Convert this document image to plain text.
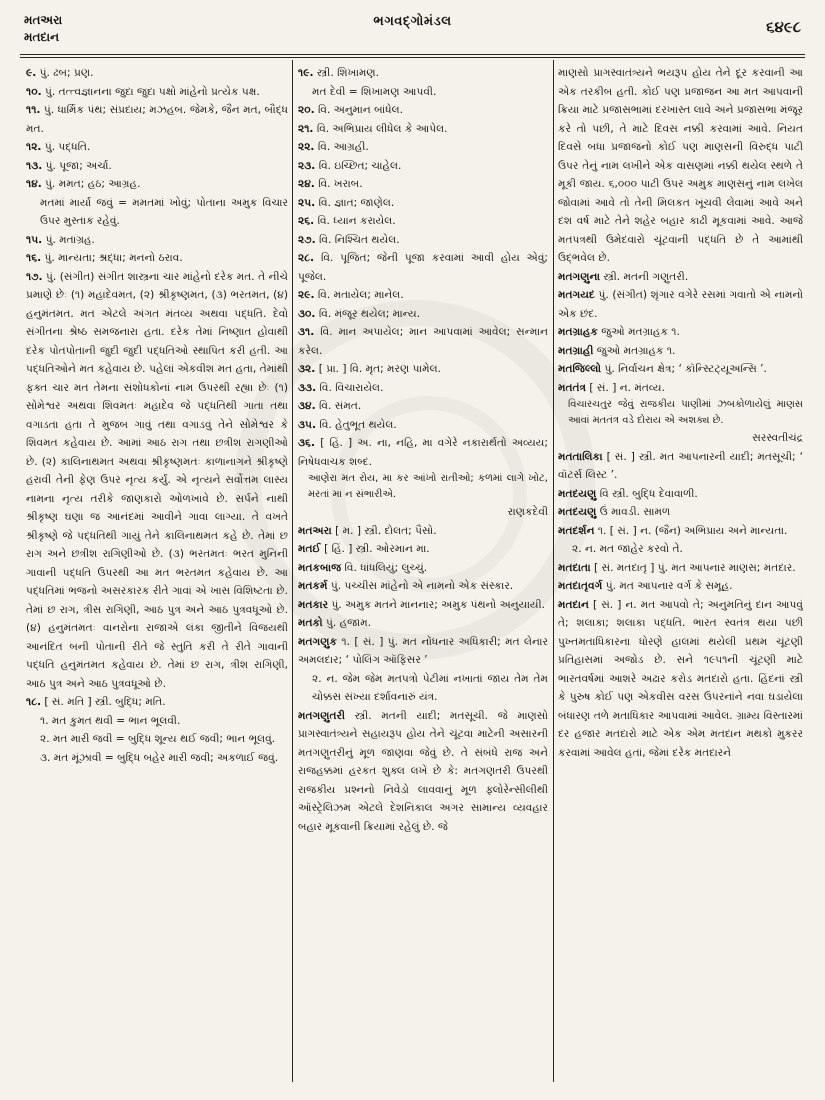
મતઅરા
મતદાન
ભગવદ્ગોમંડલ	૬૪૯૮

૯. પું. ઢબ; પ્રણ.

૧૦. પું. તત્ત્વજ્ઞાનના જુદા જુદા પક્ષો માંહેનો પ્રત્યેક પક્ષ.

૧૧. પું. ધાર્મિક પંથ; સંપ્રદાય; મઝહબ. જેમકે, જૈન મત, બૌદ્ધ મત.

૧૨. પું. પદ્ધતિ.

૧૩. પું. પૂજા; અર્ચા.

૧૪. પું. મમત; હઠ; આગ્રહ.

મતમાં માર્યા જવું = મમતમાં ખોવું; પોતાના અમુક વિચાર ઉપર મુસ્તાક રહેવું.

૧૫. પું. મતાગ્રહ.

૧૬. પું. માન્યતા; શ્રદ્ધા; મનનો ઠરાવ.

૧૭. પું. (સંગીત) સંગીત શાસ્ત્રના ચાર માંહેનો દરેક મત. તે નીચે પ્રમાણે છેઃ (૧) મહાદેવમત, (૨) શ્રીકૃષ્ણમત, (૩) ભરતમત, (૪) હનુમંતમત. મત એટલે અંગત મંતવ્ય અથવા પદ્ધતિ. દેવો સંગીતના શ્રેષ્ઠ સમજનારા હતા. દરેક તેમાં નિષ્ણાત હોવાથી દરેક પોતપોતાની જુદી જુદી પદ્ધતિઓ સ્થાપિત કરી હતી. આ પદ્ધતિઓને મત કહેવાય છે. પહેલાં એકવીશ મત હતા, તેમાંથી ફક્ત ચાર મત તેમના સંશોધકોનાં નામ ઉપરથી રહ્યા છેઃ (૧) સોમેશ્વર અથવા શિવમતઃ મહાદેવ જે પદ્ધતિથી ગાતા તથા વગાડતા હતા તે મુજબ ગાવું તથા વગાડવું તેને સોમેશ્વર કે શિવમત કહેવાય છે. આમાં આઠ રાગ તથા છત્રીશ રાગણીઓ છે. (૨) કાલિનાથમત અથવા શ્રીકૃષ્ણમતઃ કાળાનાગને શ્રીકૃષ્ણે હરાવી તેની ફેણ ઉપર નૃત્ય કર્યું. એ નૃત્યને સર્વોત્તમ લાસ્ય નામના નૃત્ય તરીકે જાણકારો ઓળખાવે છે. સર્પને નાથી શ્રીકૃષ્ણ ઘણા જ આનંદમાં આવીને ગાવા લાગ્યા. તે વખતે શ્રીકૃષ્ણે જે પદ્ધતિથી ગાયું તેને કાલિનાથમત કહે છે. તેમાં છ રાગ અને છત્રીશ રાગિણીઓ છે. (૩) ભરતમતઃ ભરત મુનિની ગાવાની પદ્ધતિ ઉપરથી આ મત ભરતમત કહેવાય છે. આ પદ્ધતિમાં ભજનો અસરકારક રીતે ગાવાં એ ખાસ વિશિષ્ટતા છે. તેમાં છ રાગ, ત્રીસ રાગિણી, આઠ પુત્ર અને આઠ પુત્રવધૂઓ છે. (૪) હનુમંતમતઃ વાનરોના રાજાએ લંકા જીતીને વિજયથી આનંદિત બની પોતાની રીતે જે સ્તુતિ કરી તે રીતે ગાવાની પદ્ધતિ હનુમંતમત કહેવાય છે. તેમાં છ રાગ, ત્રીશ રાગિણી, આઠ પુત્ર અને આઠ પુત્રવધૂઓ છે.

૧૮. [ સં. મતિ ] સ્ત્રી. બુદ્ધિ; મતિ.

૧. મત કુમત થવી = ભાન ભૂલવી.

૨. મત મારી જવી = બુદ્ધિ શૂન્ય થઈ જવી; ભાન ભૂલવું.

૩. મત મૂંઝાવી = બુદ્ધિ બહેર મારી જવી; અકળાઈ જવું.

૧૯. સ્ત્રી. શિખામણ.

મત દેવી = શિખામણ આપવી.

૨૦. વિ. અનુમાન બાંધેલ.

૨૧. વિ. અભિપ્રાય લીધેલ કે આપેલ.

૨૨. વિ. આગ્રહી.

૨૩. વિ. ઇચ્છિત; ચાહેલ.

૨૪. વિ. ખરાબ.

૨૫. વિ. જ્ઞાત; જાણેલ.

૨૬. વિ. ધ્યાન કરાયેલ.

૨૭. વિ. નિશ્ચિત થયેલ.

૨૮. વિ. પૂજિત; જેની પૂજા કરવામાં આવી હોય એવું; પૂજેલ.

૨૯. વિ. મતાયેલ; માનેલ.

૩૦. વિ. મંજૂર થયેલ; માન્ય.

૩૧. વિ. માન અપાયેલ; માન આપવામાં આવેલ; સન્માન કરેલ.

૩૨. [ પ્રા. ] વિ. મૃત; મરણ પામેલ.

૩૩. વિ. વિચારાયેલ.

૩૪. વિ. સંમત.

૩૫. વિ. હેતુભૂત થયેલ.

૩૬. [ હિં. ] અ. ના, નહિ, મા વગેરે નકારાર્થતો અવ્યય; નિષેધવાચક શબ્દ.

આણેરા મત રોય, મા કર આંખો રાતીઓ; કળમાં લાગે ખોટ, મરતાં મા ન સંભારીએ.

રાણકદેવી

મતઅરા [ મ. ] સ્ત્રી. દોલત; પૈસો.

મતઈ [ હિં. ] સ્ત્રી. ઓરમાન મા.

મતકબાજ વિ. ધાંધલિયું; લુચ્ચું.

મતકર્મ પું. પચ્ચીસ માંહેનો એ નામનો એક સંસ્કાર.

મતકાર પું. અમુક મતને માનનાર; અમુક પંથનો અનુયાયી.

મતકો પું. હજામ.

મતગણુક ૧. [ સં. ] પું. મત નોંધનાર અધિકારી; મત લેનાર અમલદાર; ‘ પોલિંગ ઑફિસર ’

૨. ન. જેમ જેમ મતપત્રો પેટીમાં નખાતાં જાય તેમ તેમ ચોક્કસ સંખ્યા દર્શાવનારું યંત્ર.

મતગણુતરી સ્ત્રી. મતની યાદી; મતસૂચી. જે માણસો પ્રાગસ્વાતંત્ર્યને સહાયરૂપ હોય તેને ચૂંટવા માટેની અસારની મતગણુતરીનું મૂળ જાણવા જેવું છે. તે સંબંધે રાજ અને રાજહક્કમાં હરકત શુક્લ લખે છે કે: મતગણતરી ઉપરથી રાજકીય પ્રશ્નનો નિવેડો લાવવાનું મૂળ ફ્લોરેન્સીલીથી ઑસ્ટ્રેલિઝમ એટલે દેશનિકાલ અગર સામાન્ય વ્યવહાર બહાર મૂકવાની ક્રિયામાં રહેલું છે. જે

માણસો પ્રાગસ્વાતંત્ર્યને ભયરૂપ હોય તેને દૂર કરવાની આ એક તરકીબ હતી. કોઈ પણ પ્રજાજન આ મત આપવાની ક્રિયા માટે પ્રજાસભામાં દરખાસ્ત લાવે અને પ્રજાસભા મંજૂર કરે તો પછી, તે માટે દિવસ નક્કી કરવામાં આવે. નિયત દિવસે બધા પ્રજાજનો કોઈ પણ માણસની વિરુદ્ધ પાટી ઉપર તેનું નામ લખીને એક વાસણમાં નક્કી થયેલ સ્થળે તે મૂકી જાય. ૬,૦૦૦ પાટી ઉપર અમુક માણસનું નામ લખેલ જોવામાં આવે તો તેની મિલકત ખૂંચવી લેવામાં આવે અને દશ વર્ષ માટે તેને શહેર બહાર કાઢી મૂકવામાં આવે. આજે મતપત્રથી ઉમેદવારો ચૂંટવાની પદ્ધતિ છે તે આમાંથી ઉદ્ભવેલ છે.

મતગણુના સ્ત્રી. મતની ગણુતરી.

મતગયદ પું. (સંગીત) શૃંગાર વગેરે રસમાં ગવાતો એ નામનો એક છંદ.

મતગ્રાહક જુઓ મતગ્રાહક ૧.

મતગ્રાહી જુઓ મતગ્રાહક ૧.

મતજિલ્લો પું. નિર્વાચન ક્ષેત્ર; ‘ કૉન્સ્ટિટ્યૂઅન્સિ ’.

મતતંત્ર [ સં. ] ન. મંતવ્ય.

વિચારચતુર જેવું રાજકીય પાણીમાં ઝબકોળાયેલું માણસ આવાં મતતંત્ર વડે દોરાય એ અશક્ય છે.

સરસ્વતીચંદ્ર

મતતાલિકા [ સં. ] સ્ત્રી. મત આપનારની યાદી; મતસૂચી; ‘ વૉટર્સ લિસ્ટ ’.

મતદયણુ વિ સ્ત્રી. બુદ્ધિ દેવાવાળી.

મતદયણુ ઉં માવડી. સામળ

મતદર્શન ૧. [ સં. ] ન. (જૈન) અભિપ્રાય અને માન્યતા.

૨. ન. મત જાહેર કરવો તે.

મતદાતા [ સં. મતદાતૃ ] પું. મત આપનાર માણસ; મતદાર.

મતદાતૃવર્ગ પું. મત આપનાર વર્ગ કે સમૂહ.

મતદાન [ સં. ] ન. મત આપવો તે; અનુમતિનું દાન આપવું તે; શલાકા; શલાકા પદ્ધતિ. ભારત સ્વતંત્ર થયા પછી પુખ્તમતાધિકારના ધોરણે હાલમાં થયેલી પ્રથમ ચૂંટણી પ્રતિહાસમાં અજોડ છે. સને ૧૯૫૧ની ચૂંટણી માટે ભારતવર્ષમાં આશરે અઢાર કરોડ મતદારો હતા. હિંદનાં સ્ત્રી કે પુરુષ કોઈ પણ એકવીસ વરસ ઉપરનાંને નવા ઘડાયેલા બંધારણ તળે મતાધિકાર આપવામાં આવેલ. ગ્રામ્ય વિસ્તારમાં દર હજાર મતદારો માટે એક એમ મતદાન મથકો મુકરર કરવામાં આવેલ હતાં, જેમાં દરેક મતદારને
